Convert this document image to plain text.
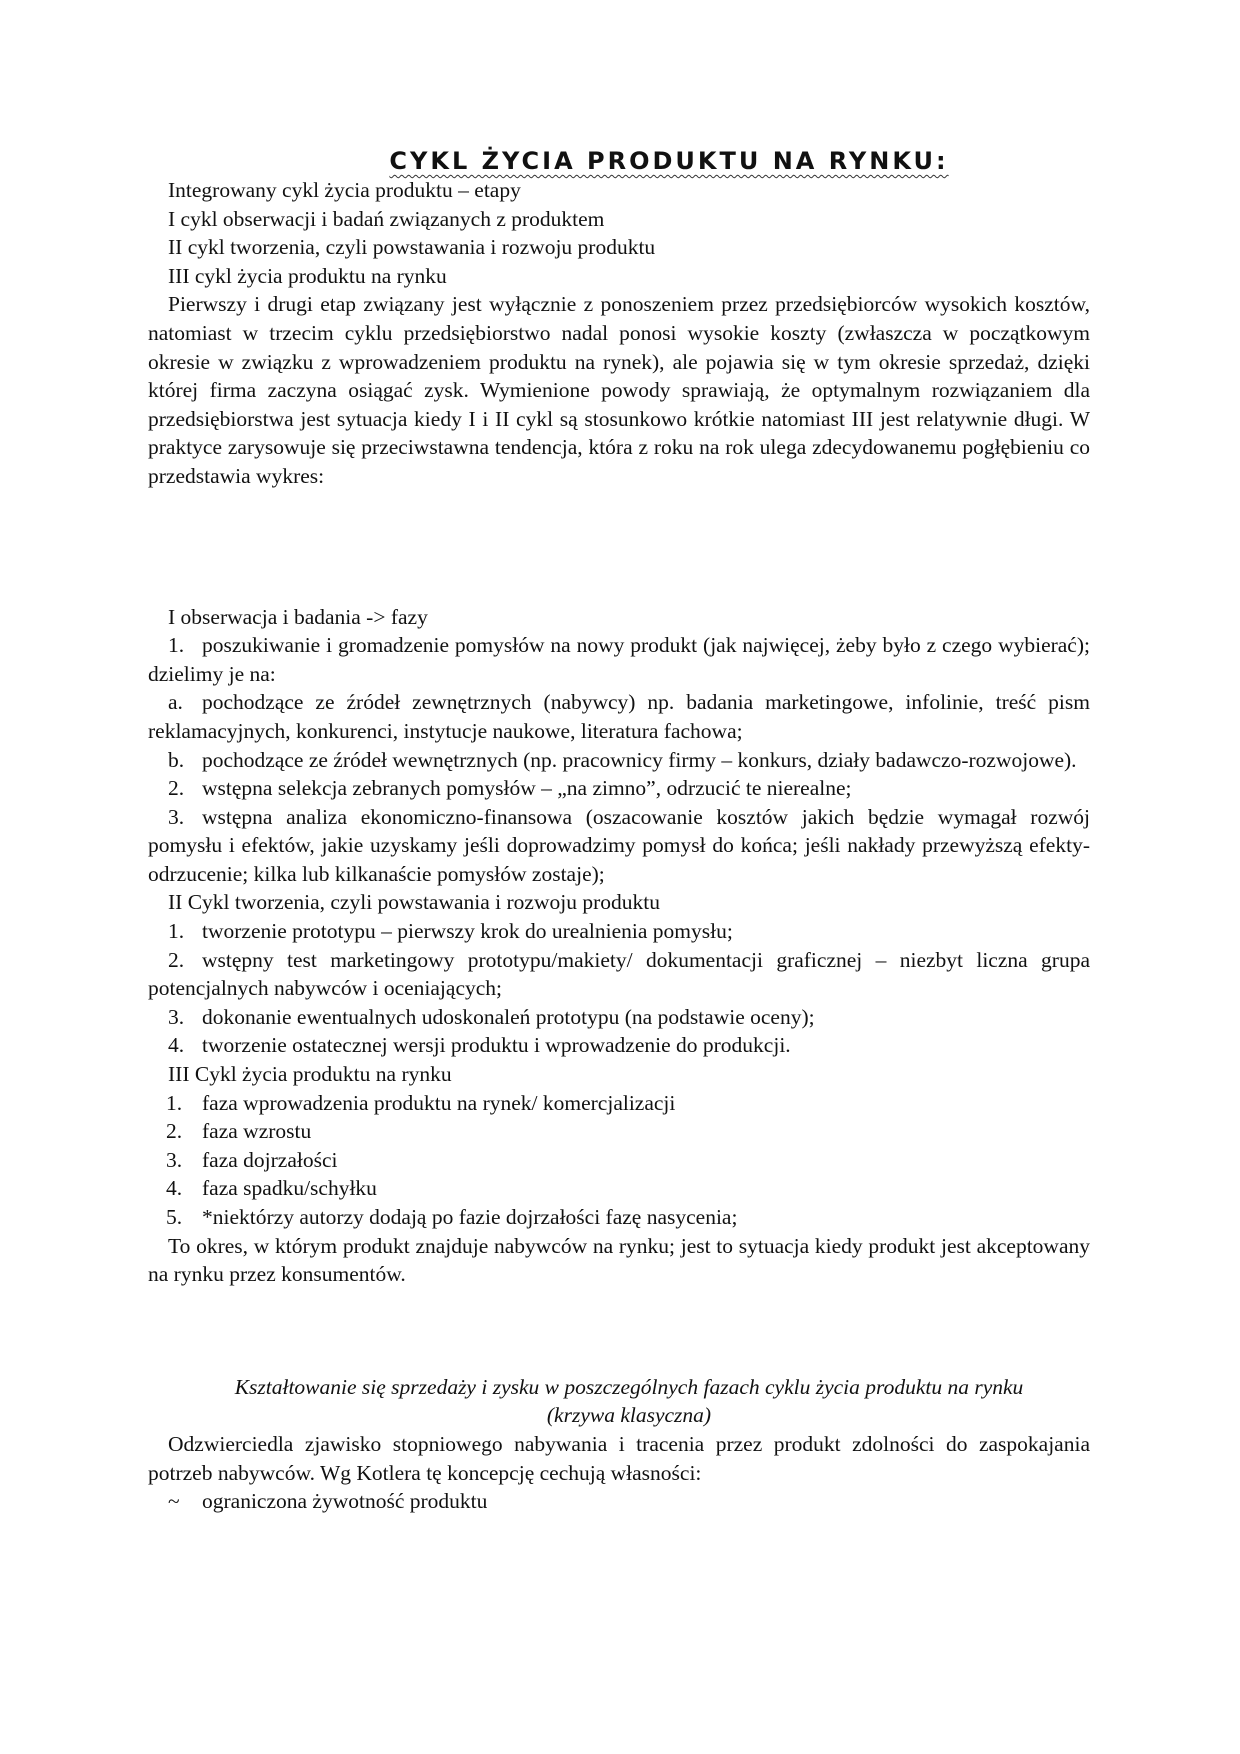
CYKL ŻYCIA PRODUKTU NA RYNKU:

Integrowany cykl życia produktu – etapy

I cykl obserwacji i badań związanych z produktem

II cykl tworzenia, czyli powstawania i rozwoju produktu

III cykl życia produktu na rynku

Pierwszy i drugi etap związany jest wyłącznie z ponoszeniem przez przedsiębiorców wysokich kosztów, natomiast w trzecim cyklu przedsiębiorstwo nadal ponosi wysokie koszty (zwłaszcza w początkowym okresie w związku z wprowadzeniem produktu na rynek), ale pojawia się w tym okresie sprzedaż, dzięki której firma zaczyna osiągać zysk. Wymienione powody sprawiają, że optymalnym rozwiązaniem dla przedsiębiorstwa jest sytuacja kiedy I i II cykl są stosunkowo krótkie natomiast III jest relatywnie długi. W praktyce zarysowuje się przeciwstawna tendencja, która z roku na rok ulega zdecydowanemu pogłębieniu co przedstawia wykres:

I obserwacja i badania -> fazy

1. poszukiwanie i gromadzenie pomysłów na nowy produkt (jak najwięcej, żeby było z czego wybierać); dzielimy je na:

a. pochodzące ze źródeł zewnętrznych (nabywcy) np. badania marketingowe, infolinie, treść pism reklamacyjnych, konkurenci, instytucje naukowe, literatura fachowa;

b. pochodzące ze źródeł wewnętrznych (np. pracownicy firmy – konkurs, działy badawczo-rozwojowe).

2. wstępna selekcja zebranych pomysłów – „na zimno”, odrzucić te nierealne;

3. wstępna analiza ekonomiczno-finansowa (oszacowanie kosztów jakich będzie wymagał rozwój pomysłu i efektów, jakie uzyskamy jeśli doprowadzimy pomysł do końca; jeśli nakłady przewyższą efekty-odrzucenie; kilka lub kilkanaście pomysłów zostaje);

II Cykl tworzenia, czyli powstawania i rozwoju produktu

1. tworzenie prototypu – pierwszy krok do urealnienia pomysłu;

2. wstępny test marketingowy prototypu/makiety/ dokumentacji graficznej – niezbyt liczna grupa potencjalnych nabywców i oceniających;

3. dokonanie ewentualnych udoskonaleń prototypu (na podstawie oceny);

4. tworzenie ostatecznej wersji produktu i wprowadzenie do produkcji.

III Cykl życia produktu na rynku

1. faza wprowadzenia produktu na rynek/ komercjalizacji

2. faza wzrostu

3. faza dojrzałości

4. faza spadku/schyłku

5. *niektórzy autorzy dodają po fazie dojrzałości fazę nasycenia;

To okres, w którym produkt znajduje nabywców na rynku; jest to sytuacja kiedy produkt jest akceptowany na rynku przez konsumentów.

Kształtowanie się sprzedaży i zysku w poszczególnych fazach cyklu życia produktu na rynku

(krzywa klasyczna)

Odzwierciedla zjawisko stopniowego nabywania i tracenia przez produkt zdolności do zaspokajania potrzeb nabywców. Wg Kotlera tę koncepcję cechują własności:

~ ograniczona żywotność produktu
